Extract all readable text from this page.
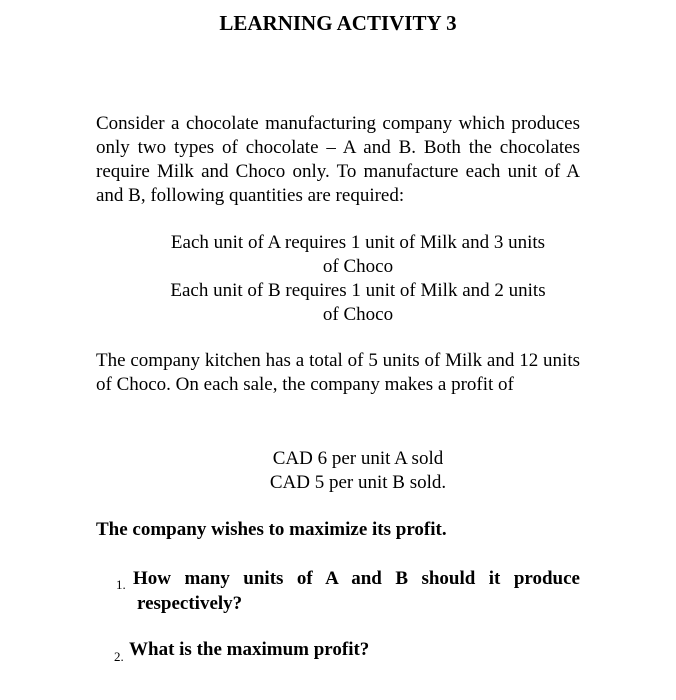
LEARNING ACTIVITY 3
Consider a chocolate manufacturing company which produces only two types of chocolate – A and B. Both the chocolates require Milk and Choco only. To manufacture each unit of A and B, following quantities are required:
Each unit of A requires 1 unit of Milk and 3 units
of Choco
Each unit of B requires 1 unit of Milk and 2 units
of Choco
The company kitchen has a total of 5 units of Milk and 12 units of Choco. On each sale, the company makes a profit of
CAD 6 per unit A sold
CAD 5 per unit B sold.
The company wishes to maximize its profit.
1. How many units of A and B should it produce
respectively?
2. What is the maximum profit?
